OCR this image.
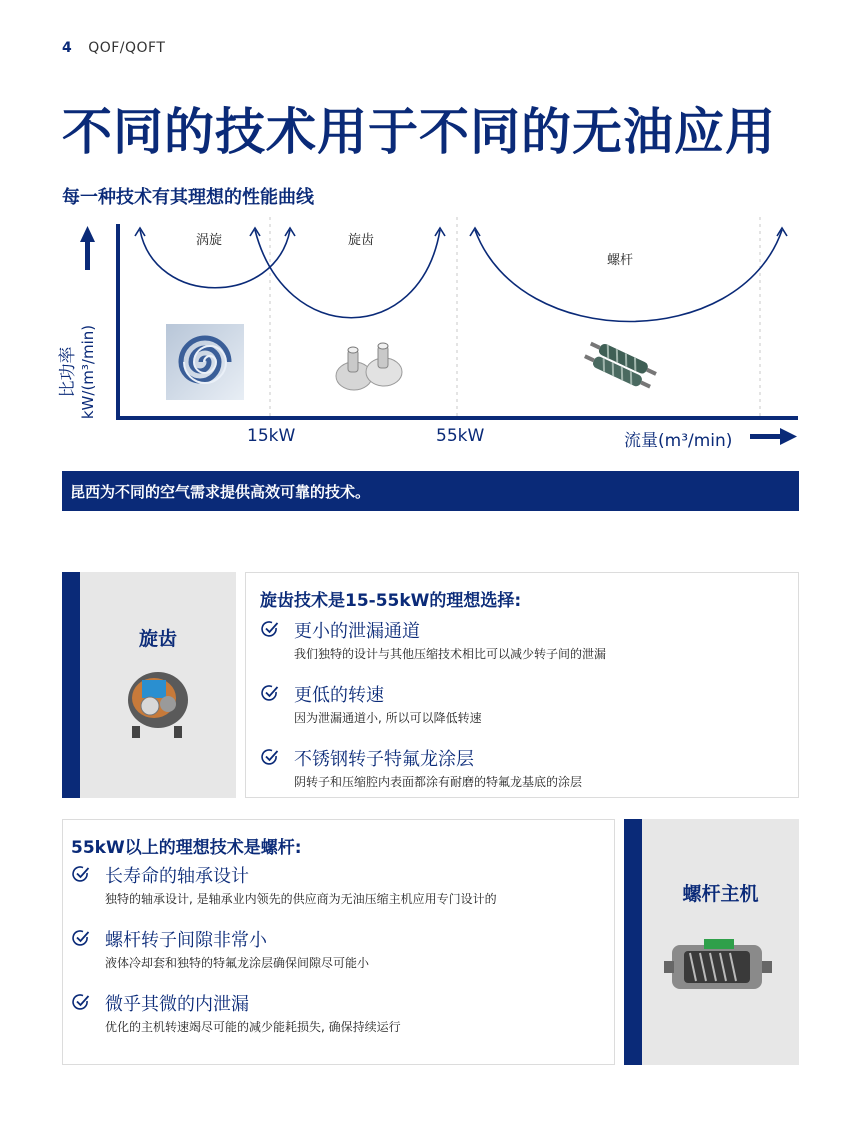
4 QOF/QOFT
不同的技术用于不同的无油应用
每一种技术有其理想的性能曲线
涡旋	旋齿
螺杆
15kW	55kW	流量(m³/min)
比功率 kW/(m³/min)
昆西为不同的空气需求提供高效可靠的技术。
旋齿
旋齿技术是15-55kW的理想选择:
更小的泄漏通道
我们独特的设计与其他压缩技术相比可以减少转子间的泄漏
更低的转速
因为泄漏通道小, 所以可以降低转速
不锈钢转子特氟龙涂层
阴转子和压缩腔内表面都涂有耐磨的特氟龙基底的涂层
55kW以上的理想技术是螺杆:
长寿命的轴承设计
独特的轴承设计, 是轴承业内领先的供应商为无油压缩主机应用专门设计的
螺杆转子间隙非常小
液体冷却套和独特的特氟龙涂层确保间隙尽可能小
微乎其微的内泄漏
优化的主机转速竭尽可能的减少能耗损失, 确保持续运行
螺杆主机
